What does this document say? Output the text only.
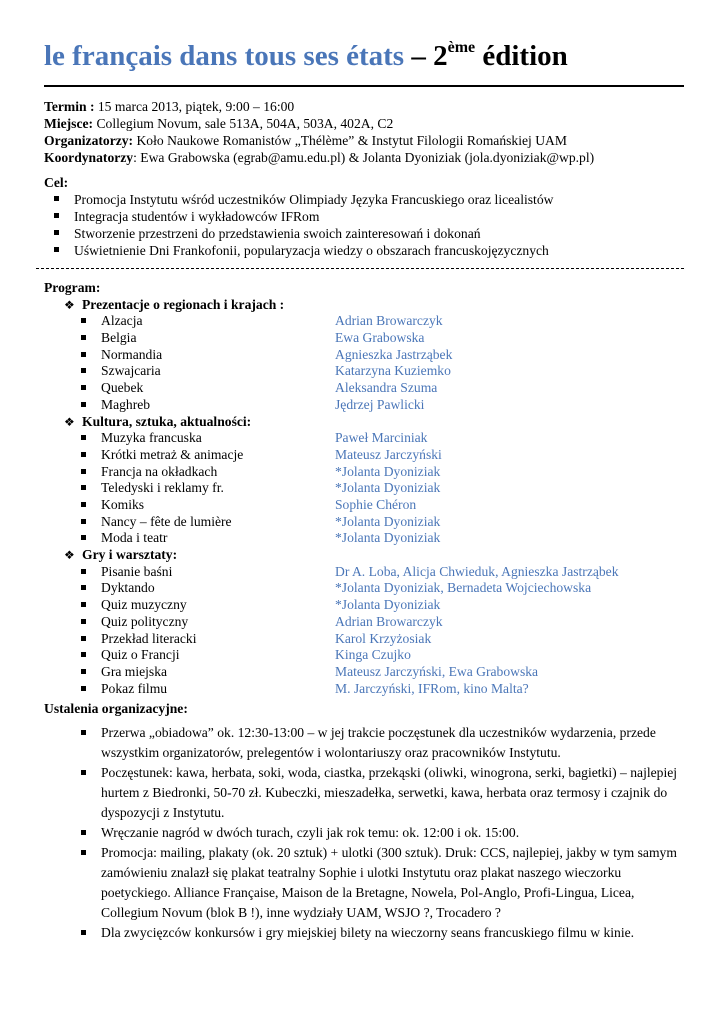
le français dans tous ses états – 2ème édition
Termin : 15 marca 2013, piątek, 9:00 – 16:00
Miejsce: Collegium Novum, sale 513A, 504A, 503A, 402A, C2
Organizatorzy: Koło Naukowe Romanistów „Thélème” & Instytut Filologii Romańskiej UAM
Koordynatorzy: Ewa Grabowska (egrab@amu.edu.pl) & Jolanta Dyoniziak (jola.dyoniziak@wp.pl)
Cel:
Promocja Instytutu wśród uczestników Olimpiady Języka Francuskiego oraz licealistów
Integracja studentów i wykładowców IFRom
Stworzenie przestrzeni do przedstawienia swoich zainteresowań i dokonań
Uświetnienie Dni Frankofonii, popularyzacja wiedzy o obszarach francuskojęzycznych
Program:
❖ Prezentacje o regionach i krajach :
Alzacja	Adrian Browarczyk
Belgia	Ewa Grabowska
Normandia	Agnieszka Jastrząbek
Szwajcaria	Katarzyna Kuziemko
Quebek	Aleksandra Szuma
Maghreb	Jędrzej Pawlicki
❖ Kultura, sztuka, aktualności:
Muzyka francuska	Paweł Marciniak
Krótki metraż & animacje	Mateusz Jarczyński
Francja na okładkach	*Jolanta Dyoniziak
Teledyski i reklamy fr.	*Jolanta Dyoniziak
Komiks	Sophie Chéron
Nancy – fête de lumière	*Jolanta Dyoniziak
Moda i teatr	*Jolanta Dyoniziak
❖ Gry i warsztaty:
Pisanie baśni	Dr A. Loba, Alicja Chwieduk, Agnieszka Jastrząbek
Dyktando	*Jolanta Dyoniziak, Bernadeta Wojciechowska
Quiz muzyczny	*Jolanta Dyoniziak
Quiz polityczny	Adrian Browarczyk
Przekład literacki	Karol Krzyżosiak
Quiz o Francji	Kinga Czujko
Gra miejska	Mateusz Jarczyński, Ewa Grabowska
Pokaz filmu	M. Jarczyński, IFRom, kino Malta?
Ustalenia organizacyjne:
Przerwa „obiadowa” ok. 12:30-13:00 – w jej trakcie poczęstunek dla uczestników wydarzenia, przede wszystkim organizatorów, prelegentów i wolontariuszy oraz pracowników Instytutu.
Poczęstunek: kawa, herbata, soki, woda, ciastka, przekąski (oliwki, winogrona, serki, bagietki) – najlepiej hurtem z Biedronki, 50-70 zł. Kubeczki, mieszadełka, serwetki, kawa, herbata oraz termosy i czajnik do dyspozycji z Instytutu.
Wręczanie nagród w dwóch turach, czyli jak rok temu: ok. 12:00 i ok. 15:00.
Promocja: mailing, plakaty (ok. 20 sztuk) + ulotki (300 sztuk). Druk: CCS, najlepiej, jakby w tym samym zamówieniu znalazł się plakat teatralny Sophie i ulotki Instytutu oraz plakat naszego wieczorku poetyckiego. Alliance Française, Maison de la Bretagne, Nowela, Pol-Anglo, Profi-Lingua, Licea, Collegium Novum (blok B !), inne wydziały UAM, WSJO ?, Trocadero ?
Dla zwycięzców konkursów i gry miejskiej bilety na wieczorny seans francuskiego filmu w kinie.
